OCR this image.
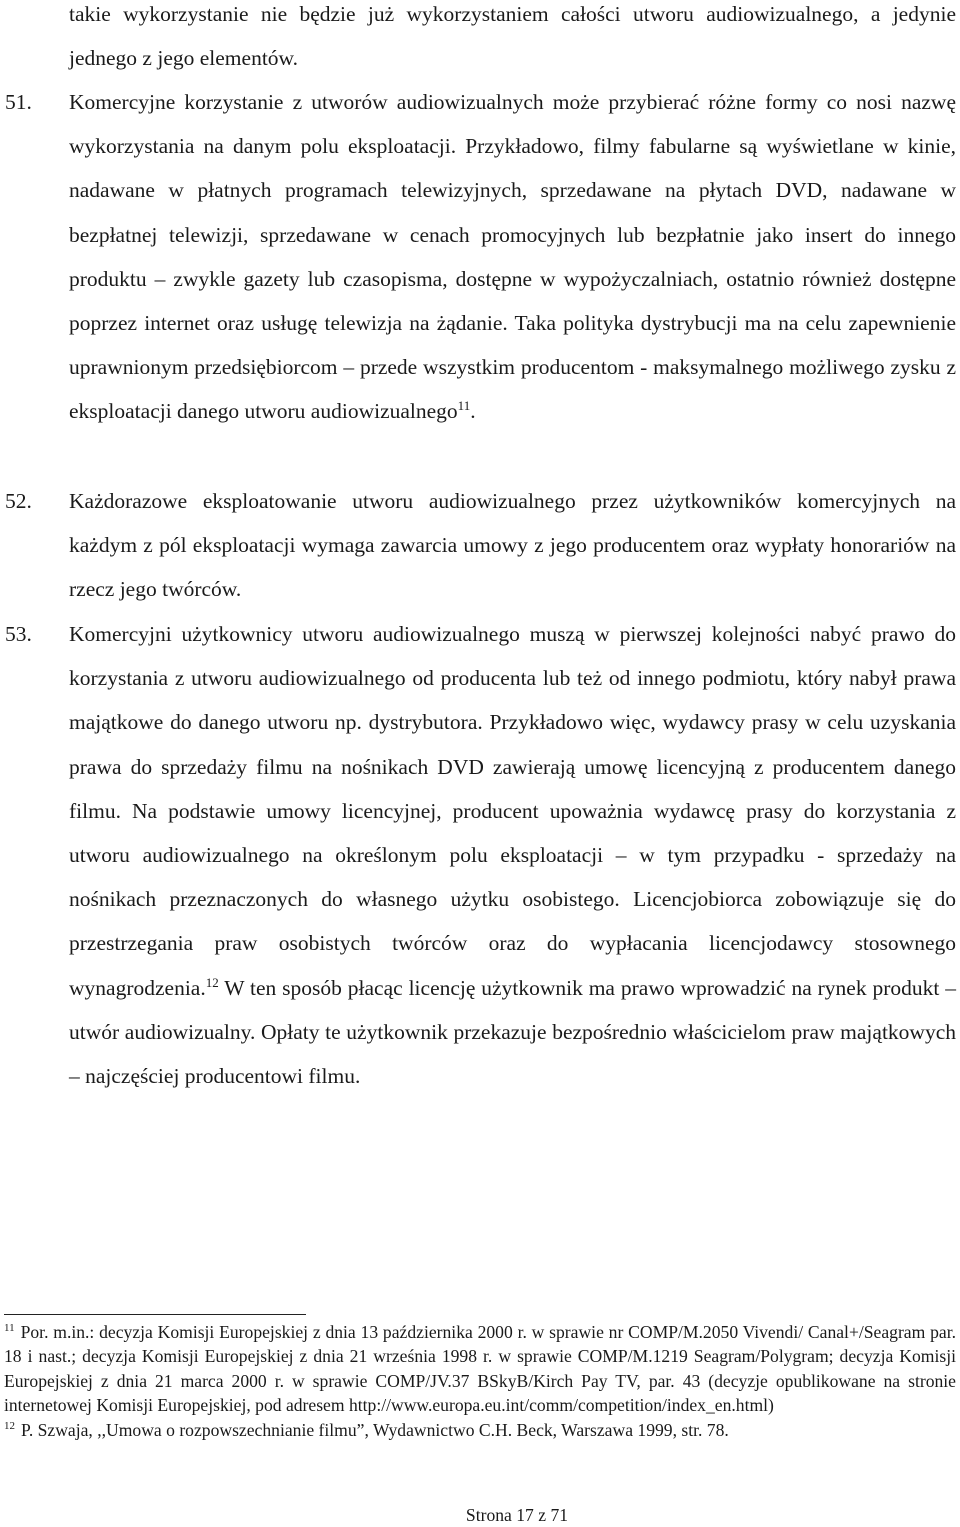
takie wykorzystanie nie będzie już wykorzystaniem całości utworu audiowizualnego, a jedynie jednego z jego elementów.

51. Komercyjne korzystanie z utworów audiowizualnych może przybierać różne formy co nosi nazwę wykorzystania na danym polu eksploatacji. Przykładowo, filmy fabularne są wyświetlane w kinie, nadawane w płatnych programach telewizyjnych, sprzedawane na płytach DVD, nadawane w bezpłatnej telewizji, sprzedawane w cenach promocyjnych lub bezpłatnie jako insert do innego produktu – zwykle gazety lub czasopisma, dostępne w wypożyczalniach, ostatnio również dostępne poprzez internet oraz usługę telewizja na żądanie. Taka polityka dystrybucji ma na celu zapewnienie uprawnionym przedsiębiorcom – przede wszystkim producentom - maksymalnego możliwego zysku z eksploatacji danego utworu audiowizualnego$^{11}$.

52. Każdorazowe eksploatowanie utworu audiowizualnego przez użytkowników komercyjnych na każdym z pól eksploatacji wymaga zawarcia umowy z jego producentem oraz wypłaty honorariów na rzecz jego twórców.

53. Komercyjni użytkownicy utworu audiowizualnego muszą w pierwszej kolejności nabyć prawo do korzystania z utworu audiowizualnego od producenta lub też od innego podmiotu, który nabył prawa majątkowe do danego utworu np. dystrybutora. Przykładowo więc, wydawcy prasy w celu uzyskania prawa do sprzedaży filmu na nośnikach DVD zawierają umowę licencyjną z producentem danego filmu. Na podstawie umowy licencyjnej, producent upoważnia wydawcę prasy do korzystania z utworu audiowizualnego na określonym polu eksploatacji – w tym przypadku - sprzedaży na nośnikach przeznaczonych do własnego użytku osobistego. Licencjobiorca zobowiązuje się do przestrzegania praw osobistych twórców oraz do wypłacania licencjodawcy stosownego wynagrodzenia.$^{12}$ W ten sposób płacąc licencję użytkownik ma prawo wprowadzić na rynek produkt – utwór audiowizualny. Opłaty te użytkownik przekazuje bezpośrednio właścicielom praw majątkowych – najczęściej producentowi filmu.

$^{11}$ Por. m.in.: decyzja Komisji Europejskiej z dnia 13 października 2000 r. w sprawie nr COMP/M.2050 Vivendi/ Canal+/Seagram par. 18 i nast.; decyzja Komisji Europejskiej z dnia 21 września 1998 r. w sprawie COMP/M.1219 Seagram/Polygram; decyzja Komisji Europejskiej z dnia 21 marca 2000 r. w sprawie COMP/JV.37 BSkyB/Kirch Pay TV, par. 43 (decyzje opublikowane na stronie internetowej Komisji Europejskiej, pod adresem http://www.europa.eu.int/comm/competition/index_en.html)

$^{12}$ P. Szwaja, ,,Umowa o rozpowszechnianie filmu”, Wydawnictwo C.H. Beck, Warszawa 1999, str. 78.

Strona 17 z 71
